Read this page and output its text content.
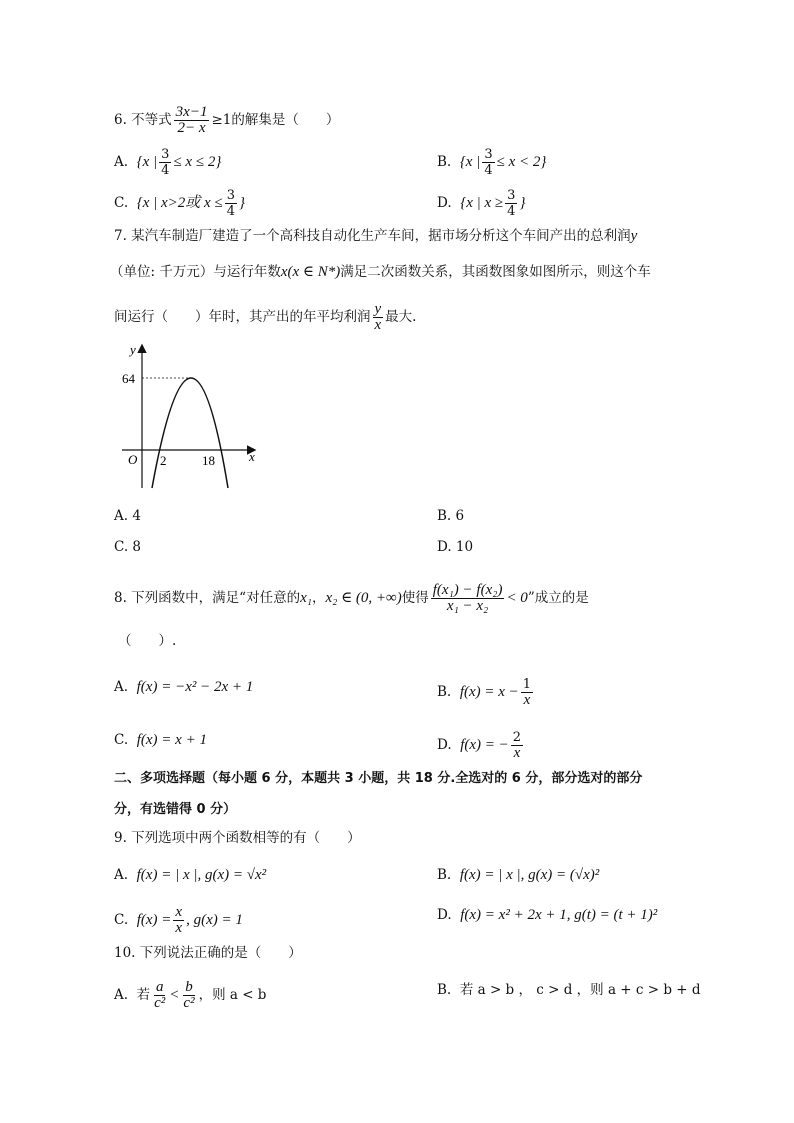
6. 不等式 $\frac{3x-1}{2- x} \ge 1$的解集是（　　）
A. {x | $\frac{3}{4} \le x \le 2$}	B. {x | $\frac{3}{4} \le x < 2$}
C. {x | x>2或 $x \le \frac{3}{4}$ }	D. {x | $x \ge \frac{3}{4}$ }
7. 某汽车制造厂建造了一个高科技自动化生产车间，据市场分析这个车间产出的总利润y
（单位: 千万元）与运行年数x(x ∈ N*)满足二次函数关系，其函数图象如图所示，则这个车
间运行（　　）年时，其产出的年平均利润 $\frac{y}{x}$ 最大.
y
x
O
64
2	18
A. 4	B. 6
C. 8	D. 10
8. 下列函数中，满足“对任意的x₁，x₂ ∈ (0, +∞)使得 $\frac{\text{f(x₁) − f(x₂)}}{\text{x₁ − x₂}} < 0$”成立的是
（　　）.
A. f(x) = −x² − 2x + 1	B. $f(x) = x - \frac{1}{x}$
C. f(x) = x + 1	D. f(x) = − $\frac{2}{x}$
二、多项选择题（每小题 6 分，本题共 3 小题，共 18 分.全选对的 6 分，部分选对的部分
分，有选错得 0 分）
9. 下列选项中两个函数相等的有（　　）
A. f(x) = | x |, g(x) = √x²	B. f(x) = | x |, g(x) = (√x)²
C. $f(x) = \frac{x}{x}$ , g(x) = 1	D. f(x) = x² + 2x + 1, g(t) = (t + 1)²
10. 下列说法正确的是（　　）
A. 若 $\frac{a}{\text{c²}} < \frac{b}{\text{c²}}$ ，则 a < b	B. 若 a > b ， c > d ，则 a + c > b + d
